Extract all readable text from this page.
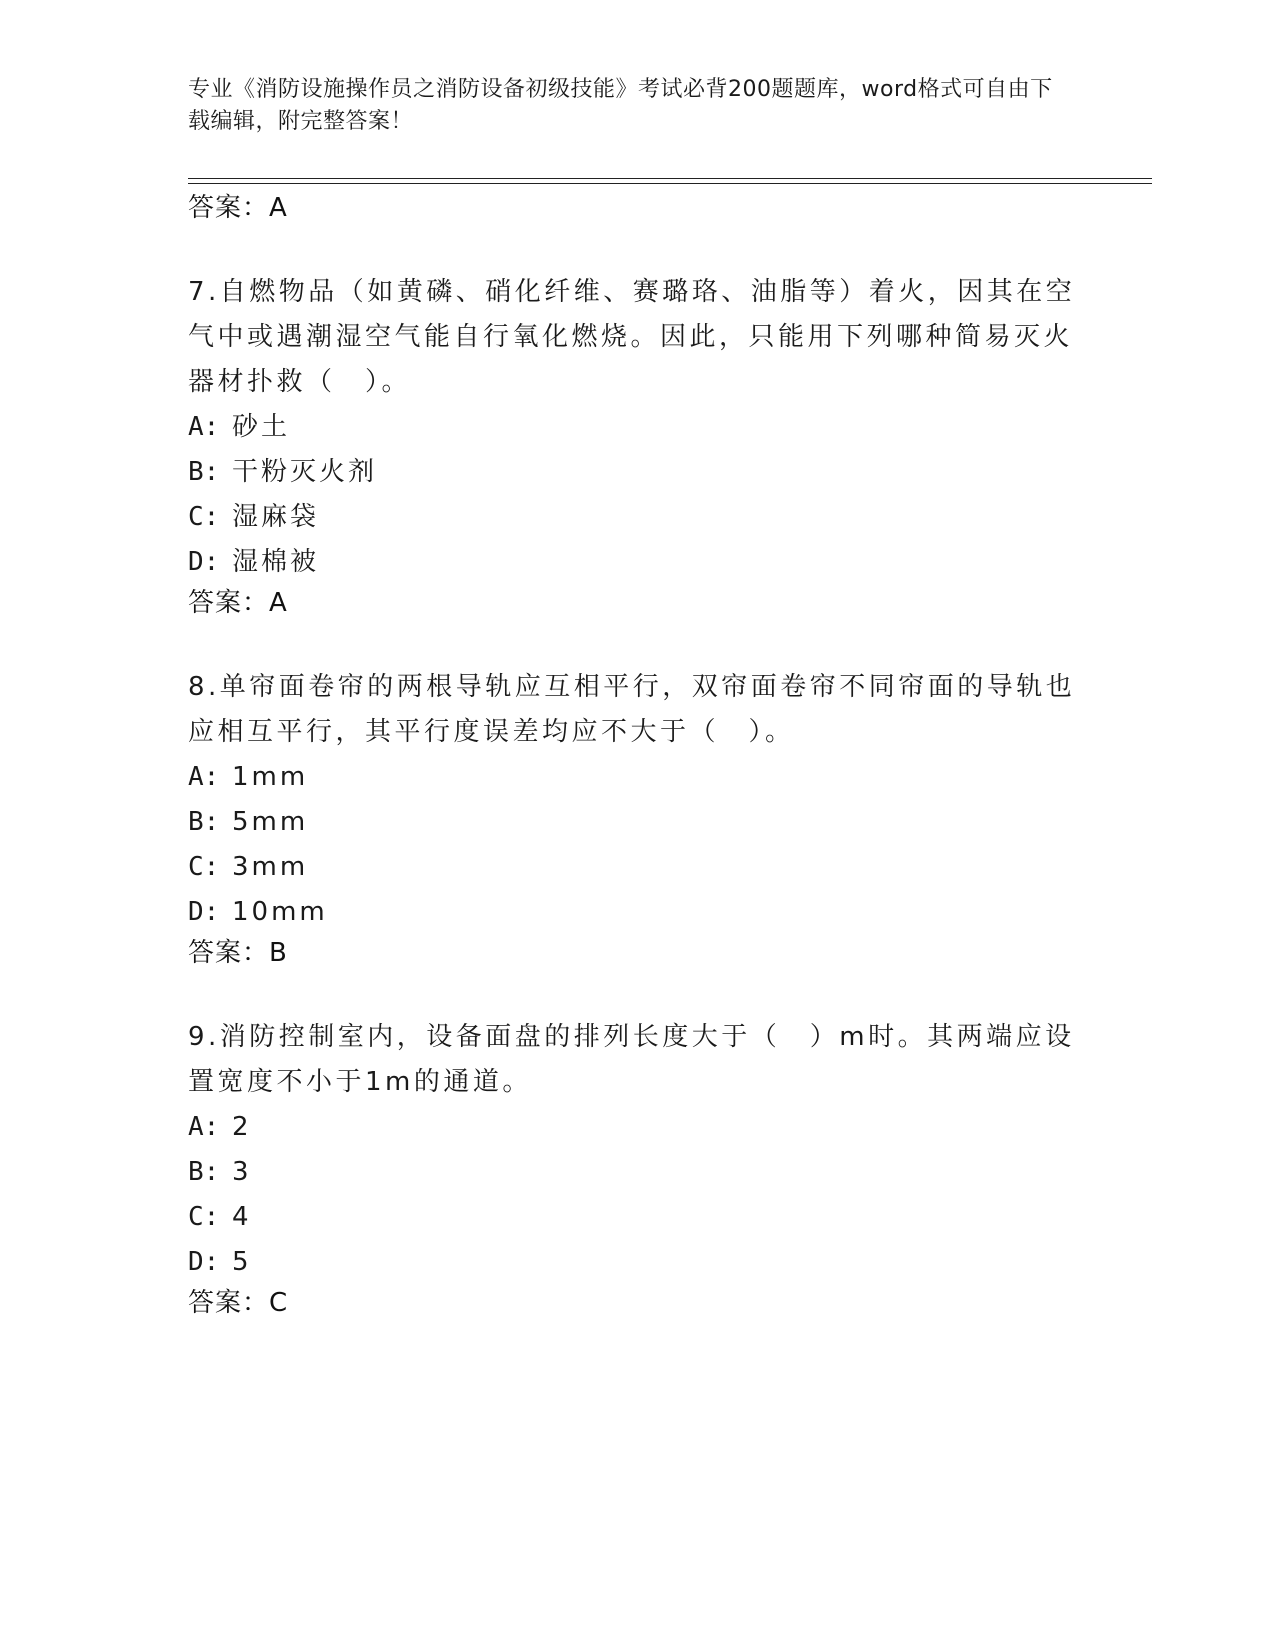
专业《消防设施操作员之消防设备初级技能》考试必背200题题库，word格式可自由下载编辑，附完整答案！
答案：A
7.自燃物品（如黄磷、硝化纤维、赛璐珞、油脂等）着火，因其在空气中或遇潮湿空气能自行氧化燃烧。因此，只能用下列哪种简易灭火器材扑救（　）。
A: 砂土
B: 干粉灭火剂
C: 湿麻袋
D: 湿棉被
答案：A
8.单帘面卷帘的两根导轨应互相平行，双帘面卷帘不同帘面的导轨也应相互平行，其平行度误差均应不大于（　）。
A: 1mm
B: 5mm
C: 3mm
D: 10mm
答案：B
9.消防控制室内，设备面盘的排列长度大于（　）m时。其两端应设置宽度不小于1m的通道。
A: 2
B: 3
C: 4
D: 5
答案：C
